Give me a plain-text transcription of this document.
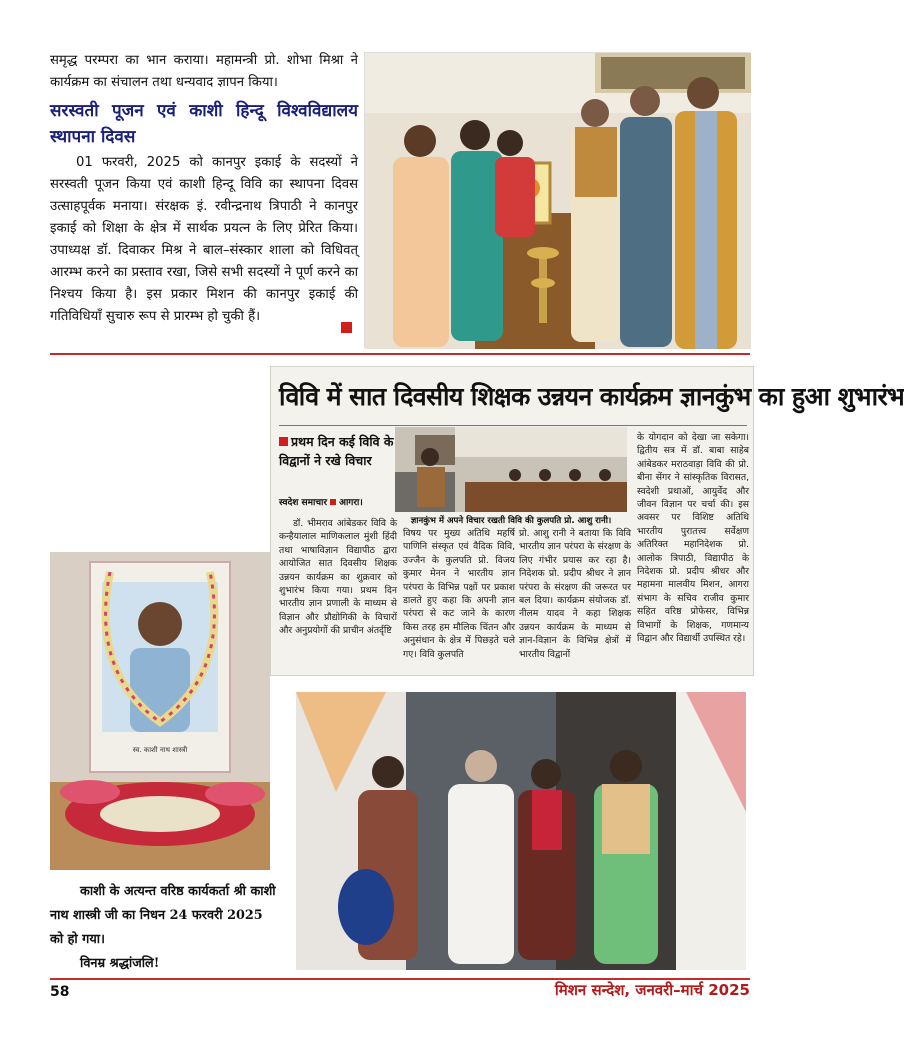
समृद्ध परम्परा का भान कराया। महामन्त्री प्रो. शोभा मिश्रा ने कार्यक्रम का संचालन तथा धन्यवाद ज्ञापन किया।

सरस्वती पूजन एवं काशी हिन्दू विश्वविद्यालय स्थापना दिवस

01 फरवरी, 2025 को कानपुर इकाई के सदस्यों ने सरस्वती पूजन किया एवं काशी हिन्दू विवि का स्थापना दिवस उत्साहपूर्वक मनाया। संरक्षक इं. रवीन्द्रनाथ त्रिपाठी ने कानपुर इकाई को शिक्षा के क्षेत्र में सार्थक प्रयत्न के लिए प्रेरित किया। उपाध्यक्ष डॉ. दिवाकर मिश्र ने बाल–संस्कार शाला को विधिवत् आरम्भ करने का प्रस्ताव रखा, जिसे सभी सदस्यों ने पूर्ण करने का निश्चय किया है। इस प्रकार मिशन की कानपुर इकाई की गतिविधियाँ सुचारु रूप से प्रारम्भ हो चुकी हैं।

विवि में सात दिवसीय शिक्षक उन्नयन कार्यक्रम ज्ञानकुंभ का हुआ शुभारंभ
प्रथम दिन कई विवि के विद्वानों ने रखे विचार
स्वदेश समाचार आगरा।
ज्ञानकुंभ में अपने विचार रखती विवि की कुलपति प्रो. आशु रानी।

डॉ. भीमराव आंबेडकर विवि के कन्हैयालाल माणिकलाल मुंशी हिंदी तथा भाषाविज्ञान विद्यापीठ द्वारा आयोजित सात दिवसीय शिक्षक उन्नयन कार्यक्रम का शुक्रवार को शुभारंभ किया गया। प्रथम दिन भारतीय ज्ञान प्रणाली के माध्यम से विज्ञान और प्रौद्योगिकी के विचारों और अनुप्रयोगों की प्राचीन अंतर्दृष्टि

विषय पर मुख्य अतिथि महर्षि पाणिनि संस्कृत एवं वैदिक विवि, उज्जैन के कुलपति प्रो. विजय कुमार मेनन ने भारतीय ज्ञान परंपरा के विभिन्न पक्षों पर प्रकाश डालते हुए कहा कि अपनी ज्ञान परंपरा से कट जाने के कारण किस तरह हम मौलिक चिंतन और अनुसंधान के क्षेत्र में पिछड़ते चले गए। विवि कुलपति

प्रो. आशु रानी ने बताया कि विवि भारतीय ज्ञान परंपरा के संरक्षण के लिए गंभीर प्रयास कर रहा है। निदेशक प्रो. प्रदीप श्रीधर ने ज्ञान परंपरा के संरक्षण की जरूरत पर बल दिया। कार्यक्रम संयोजक डॉ. नीलम यादव ने कहा शिक्षक उन्नयन कार्यक्रम के माध्यम से ज्ञान-विज्ञान के विभिन्न क्षेत्रों में भारतीय विद्वानों

के योगदान को देखा जा सकेगा। द्वितीय सत्र में डॉ. बाबा साहेब आंबेडकर मराठवाड़ा विवि की प्रो. बीना सेंगर ने सांस्कृतिक विरासत, स्वदेशी प्रथाओं, आयुर्वेद और जीवन विज्ञान पर चर्चा की। इस अवसर पर विशिष्ट अतिथि भारतीय पुरातत्त्व सर्वेक्षण अतिरिक्त महानिदेशक प्रो. आलोक त्रिपाठी, विद्यापीठ के निदेशक प्रो. प्रदीप श्रीधर और महामना मालवीय मिशन, आगरा संभाग के सचिव राजीव कुमार सहित वरिष्ठ प्रोफेसर, विभिन्न विभागों के शिक्षक, गणमान्य विद्वान और विद्यार्थी उपस्थित रहे।

स्व. काशी नाथ शास्त्री

काशी के अत्यन्त वरिष्ठ कार्यकर्ता श्री काशी नाथ शास्त्री जी का निधन 24 फरवरी 2025 को हो गया।

विनम्र श्रद्धांजलि!

58	मिशन सन्देश, जनवरी–मार्च 2025
